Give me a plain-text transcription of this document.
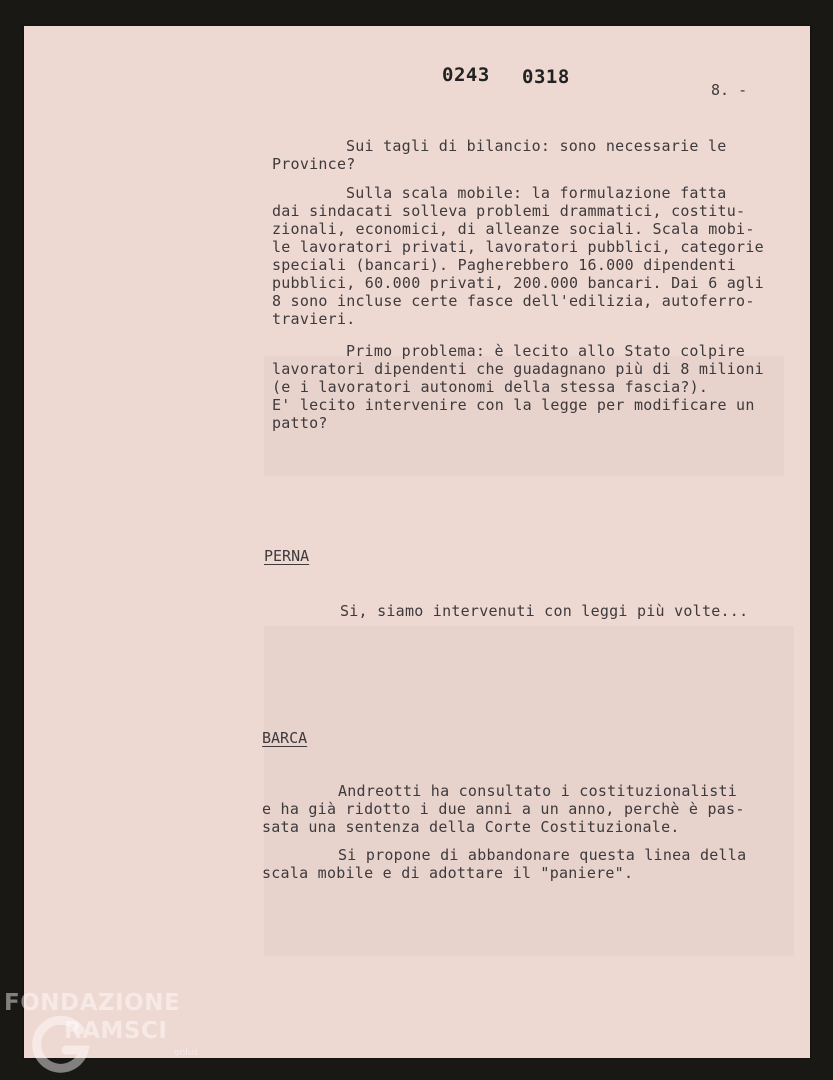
0243 0318
8. -
Sui tagli di bilancio: sono necessarie le
Province?
Sulla scala mobile: la formulazione fatta
dai sindacati solleva problemi drammatici, costitu-
zionali, economici, di alleanze sociali. Scala mobi-
le lavoratori privati, lavoratori pubblici, categorie
speciali (bancari). Pagherebbero 16.000 dipendenti
pubblici, 60.000 privati, 200.000 bancari. Dai 6 agli
8 sono incluse certe fasce dell'edilizia, autoferro-
travieri.
Primo problema: è lecito allo Stato colpire
lavoratori dipendenti che guadagnano più di 8 milioni
(e i lavoratori autonomi della stessa fascia?).
E' lecito intervenire con la legge per modificare un
patto?
PERNA
Si, siamo intervenuti con leggi più volte...
BARCA
Andreotti ha consultato i costituzionalisti
e ha già ridotto i due anni a un anno, perchè è pas-
sata una sentenza della Corte Costituzionale.
Si propone di abbandonare questa linea della
scala mobile e di adottare il "paniere".
FONDAZIONE
RAMSCI
onlus
